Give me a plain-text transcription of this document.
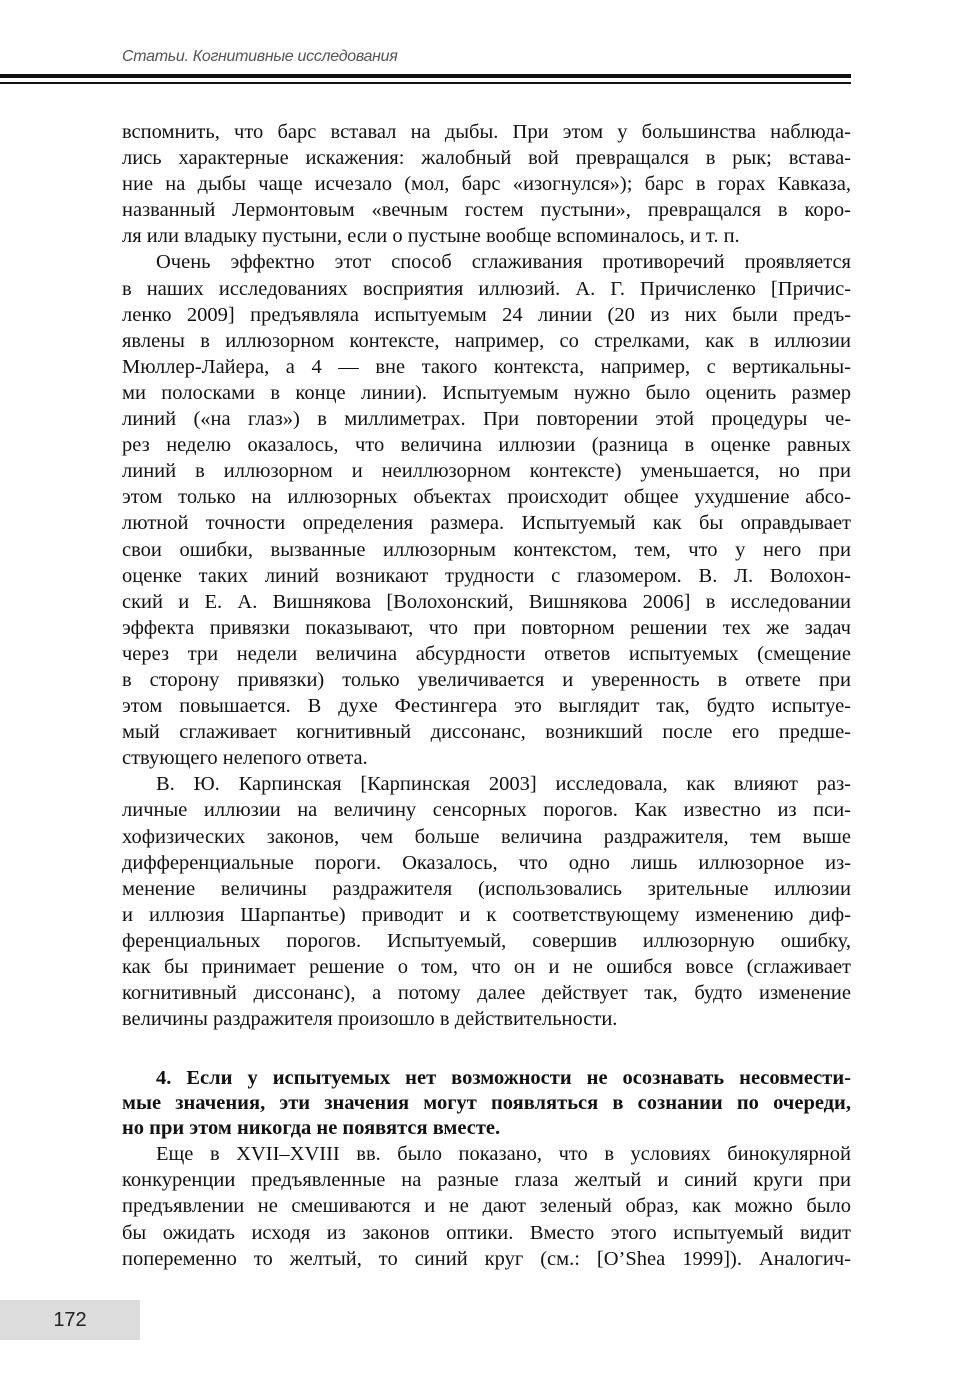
Статьи. Когнитивные исследования
вспомнить, что барс вставал на дыбы. При этом у большинства наблюда-
лись характерные искажения: жалобный вой превращался в рык; встава-
ние на дыбы чаще исчезало (мол, барс «изогнулся»); барс в горах Кавказа,
названный Лермонтовым «вечным гостем пустыни», превращался в коро-
ля или владыку пустыни, если о пустыне вообще вспоминалось, и т. п.
Очень эффектно этот способ сглаживания противоречий проявляется
в наших исследованиях восприятия иллюзий. А. Г. Причисленко [Причис-
ленко 2009] предъявляла испытуемым 24 линии (20 из них были предъ-
явлены в иллюзорном контексте, например, со стрелками, как в иллюзии
Мюллер-Лайера, а 4 — вне такого контекста, например, с вертикальны-
ми полосками в конце линии). Испытуемым нужно было оценить размер
линий («на глаз») в миллиметрах. При повторении этой процедуры че-
рез неделю оказалось, что величина иллюзии (разница в оценке равных
линий в иллюзорном и неиллюзорном контексте) уменьшается, но при
этом только на иллюзорных объектах происходит общее ухудшение абсо-
лютной точности определения размера. Испытуемый как бы оправдывает
свои ошибки, вызванные иллюзорным контекстом, тем, что у него при
оценке таких линий возникают трудности с глазомером. В. Л. Волохон-
ский и Е. А. Вишнякова [Волохонский, Вишнякова 2006] в исследовании
эффекта привязки показывают, что при повторном решении тех же задач
через три недели величина абсурдности ответов испытуемых (смещение
в сторону привязки) только увеличивается и уверенность в ответе при
этом повышается. В духе Фестингера это выглядит так, будто испытуе-
мый сглаживает когнитивный диссонанс, возникший после его предше-
ствующего нелепого ответа.
В. Ю. Карпинская [Карпинская 2003] исследовала, как влияют раз-
личные иллюзии на величину сенсорных порогов. Как известно из пси-
хофизических законов, чем больше величина раздражителя, тем выше
дифференциальные пороги. Оказалось, что одно лишь иллюзорное из-
менение величины раздражителя (использовались зрительные иллюзии
и иллюзия Шарпантье) приводит и к соответствующему изменению диф-
ференциальных порогов. Испытуемый, совершив иллюзорную ошибку,
как бы принимает решение о том, что он и не ошибся вовсе (сглаживает
когнитивный диссонанс), а потому далее действует так, будто изменение
величины раздражителя произошло в действительности.
4. Если у испытуемых нет возможности не осознавать несовмести-
мые значения, эти значения могут появляться в сознании по очереди,
но при этом никогда не появятся вместе.
Еще в XVII–XVIII вв. было показано, что в условиях бинокулярной
конкуренции предъявленные на разные глаза желтый и синий круги при
предъявлении не смешиваются и не дают зеленый образ, как можно было
бы ожидать исходя из законов оптики. Вместо этого испытуемый видит
попеременно то желтый, то синий круг (см.: [O’Shea 1999]). Аналогич-
172
